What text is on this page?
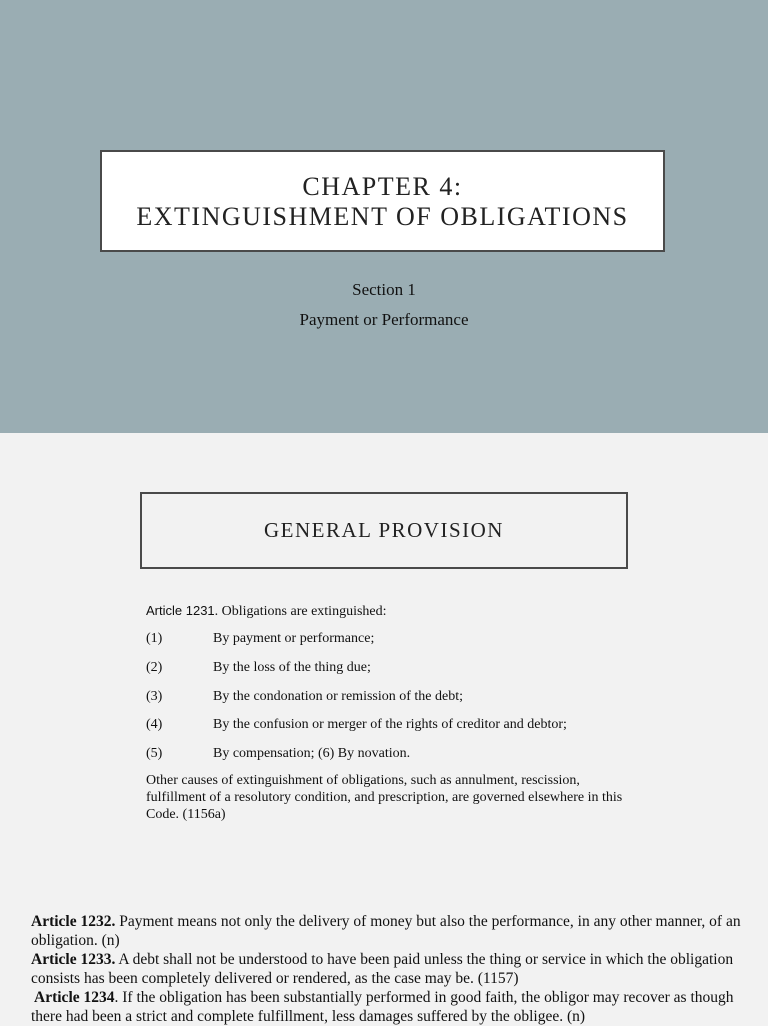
CHAPTER 4:
EXTINGUISHMENT OF OBLIGATIONS
Section 1
Payment or Performance
GENERAL PROVISION
Article 1231. Obligations are extinguished:
(1)	By payment or performance;
(2)	By the loss of the thing due;
(3)	By the condonation or remission of the debt;
(4)	By the confusion or merger of the rights of creditor and debtor;
(5)	By compensation; (6) By novation.
Other causes of extinguishment of obligations, such as annulment, rescission, fulfillment of a resolutory condition, and prescription, are governed elsewhere in this Code. (1156a)

Article 1232. Payment means not only the delivery of money but also the performance, in any other manner, of an obligation. (n)

Article 1233. A debt shall not be understood to have been paid unless the thing or service in which the obligation consists has been completely delivered or rendered, as the case may be. (1157)

Article 1234. If the obligation has been substantially performed in good faith, the obligor may recover as though there had been a strict and complete fulfillment, less damages suffered by the obligee. (n)
